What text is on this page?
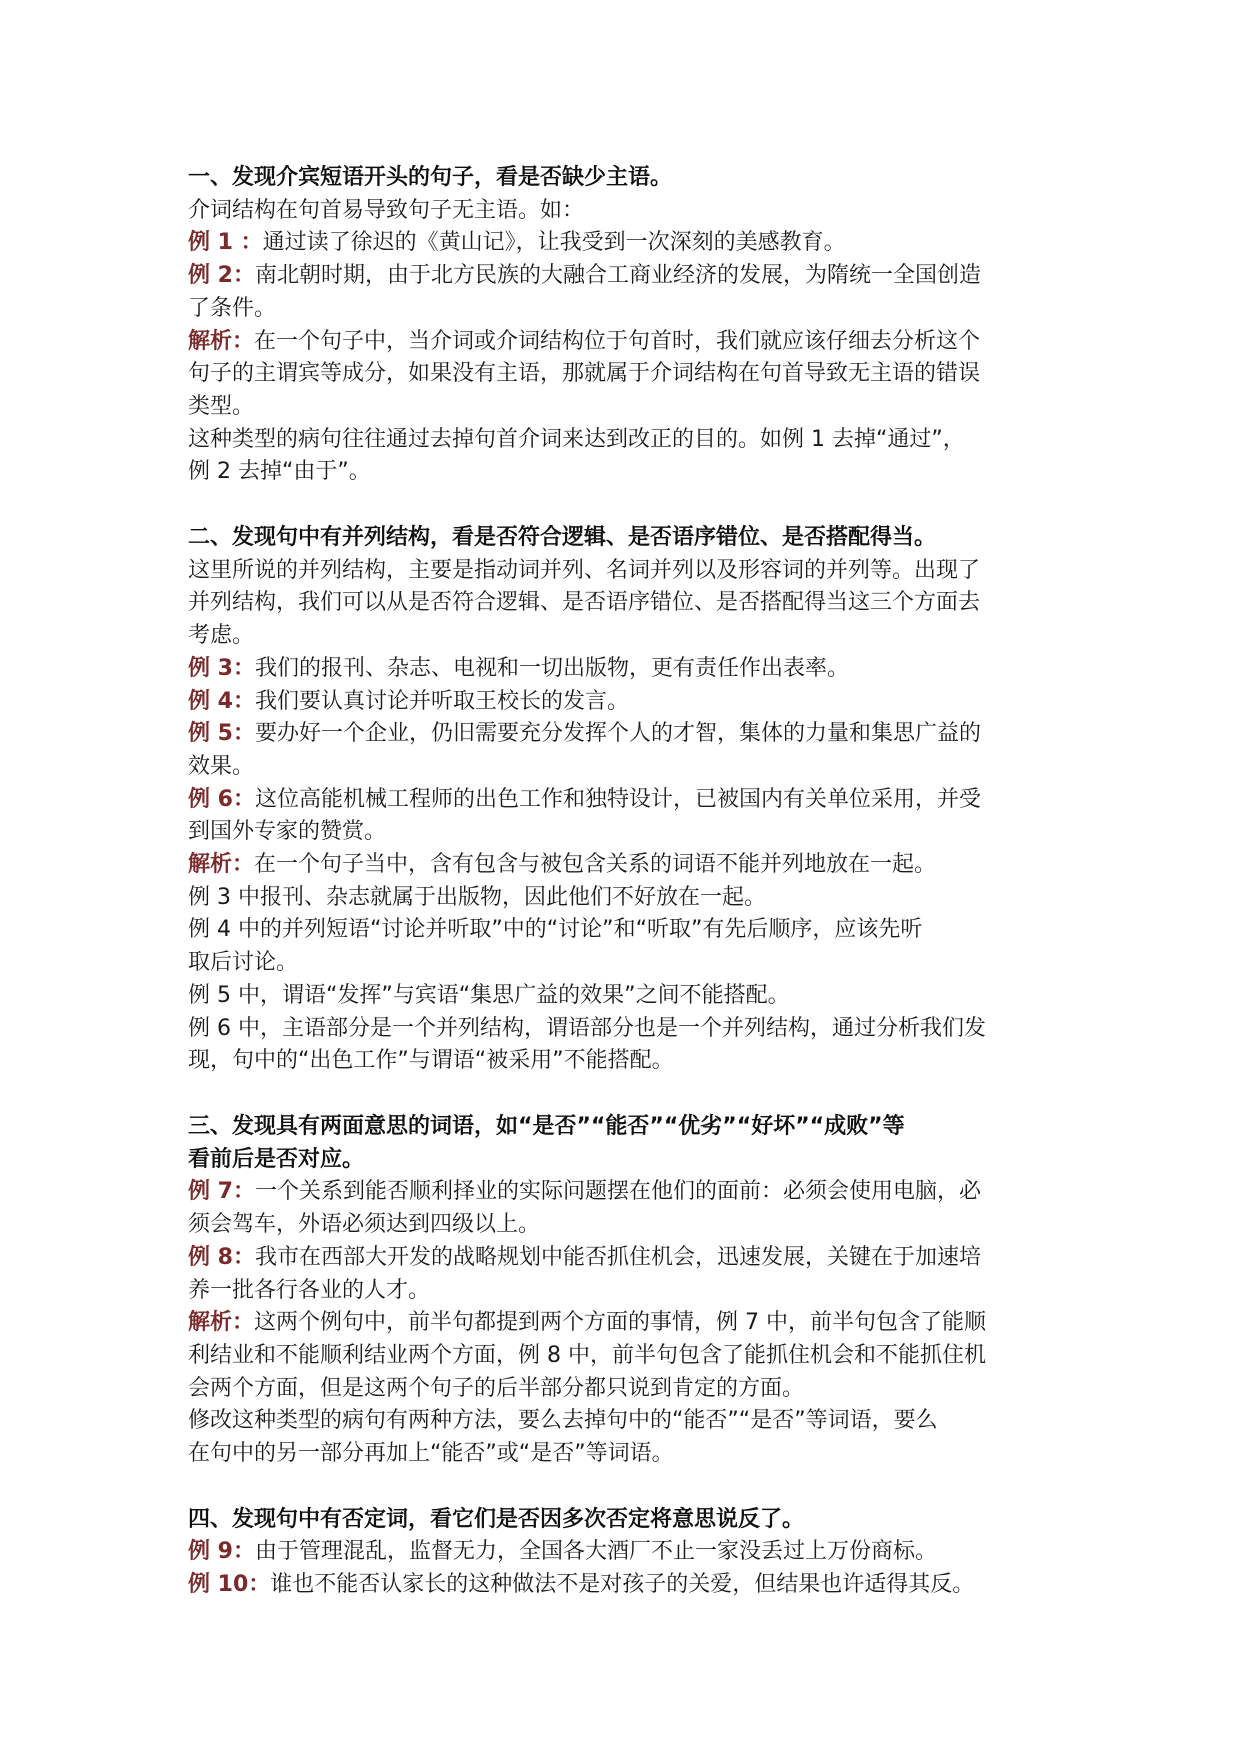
一、发现介宾短语开头的句子，看是否缺少主语。
介词结构在句首易导致句子无主语。如：
例 1 ：通过读了徐迟的《黄山记》，让我受到一次深刻的美感教育。
例 2：南北朝时期，由于北方民族的大融合工商业经济的发展，为隋统一全国创造
了条件。
解析：在一个句子中，当介词或介词结构位于句首时，我们就应该仔细去分析这个
句子的主谓宾等成分，如果没有主语，那就属于介词结构在句首导致无主语的错误
类型。
这种类型的病句往往通过去掉句首介词来达到改正的目的。如例 1 去掉“通过”，
例 2 去掉“由于”。
二、发现句中有并列结构，看是否符合逻辑、是否语序错位、是否搭配得当。
这里所说的并列结构，主要是指动词并列、名词并列以及形容词的并列等。出现了
并列结构，我们可以从是否符合逻辑、是否语序错位、是否搭配得当这三个方面去
考虑。
例 3：我们的报刊、杂志、电视和一切出版物，更有责任作出表率。
例 4：我们要认真讨论并听取王校长的发言。
例 5：要办好一个企业，仍旧需要充分发挥个人的才智，集体的力量和集思广益的
效果。
例 6：这位高能机械工程师的出色工作和独特设计，已被国内有关单位采用，并受
到国外专家的赞赏。
解析：在一个句子当中，含有包含与被包含关系的词语不能并列地放在一起。
例 3 中报刊、杂志就属于出版物，因此他们不好放在一起。
例 4 中的并列短语“讨论并听取”中的“讨论”和“听取”有先后顺序，应该先听
取后讨论。
例 5 中，谓语“发挥”与宾语“集思广益的效果”之间不能搭配。
例 6 中，主语部分是一个并列结构，谓语部分也是一个并列结构，通过分析我们发
现，句中的“出色工作”与谓语“被采用”不能搭配。
三、发现具有两面意思的词语，如“是否”“能否”“优劣”“好坏”“成败”等
看前后是否对应。
例 7：一个关系到能否顺利择业的实际问题摆在他们的面前：必须会使用电脑，必
须会驾车，外语必须达到四级以上。
例 8：我市在西部大开发的战略规划中能否抓住机会，迅速发展，关键在于加速培
养一批各行各业的人才。
解析：这两个例句中，前半句都提到两个方面的事情，例 7 中，前半句包含了能顺
利结业和不能顺利结业两个方面，例 8 中，前半句包含了能抓住机会和不能抓住机
会两个方面，但是这两个句子的后半部分都只说到肯定的方面。
修改这种类型的病句有两种方法，要么去掉句中的“能否”“是否”等词语，要么
在句中的另一部分再加上“能否”或“是否”等词语。
四、发现句中有否定词，看它们是否因多次否定将意思说反了。
例 9：由于管理混乱，监督无力，全国各大酒厂不止一家没丢过上万份商标。
例 10：谁也不能否认家长的这种做法不是对孩子的关爱，但结果也许适得其反。
